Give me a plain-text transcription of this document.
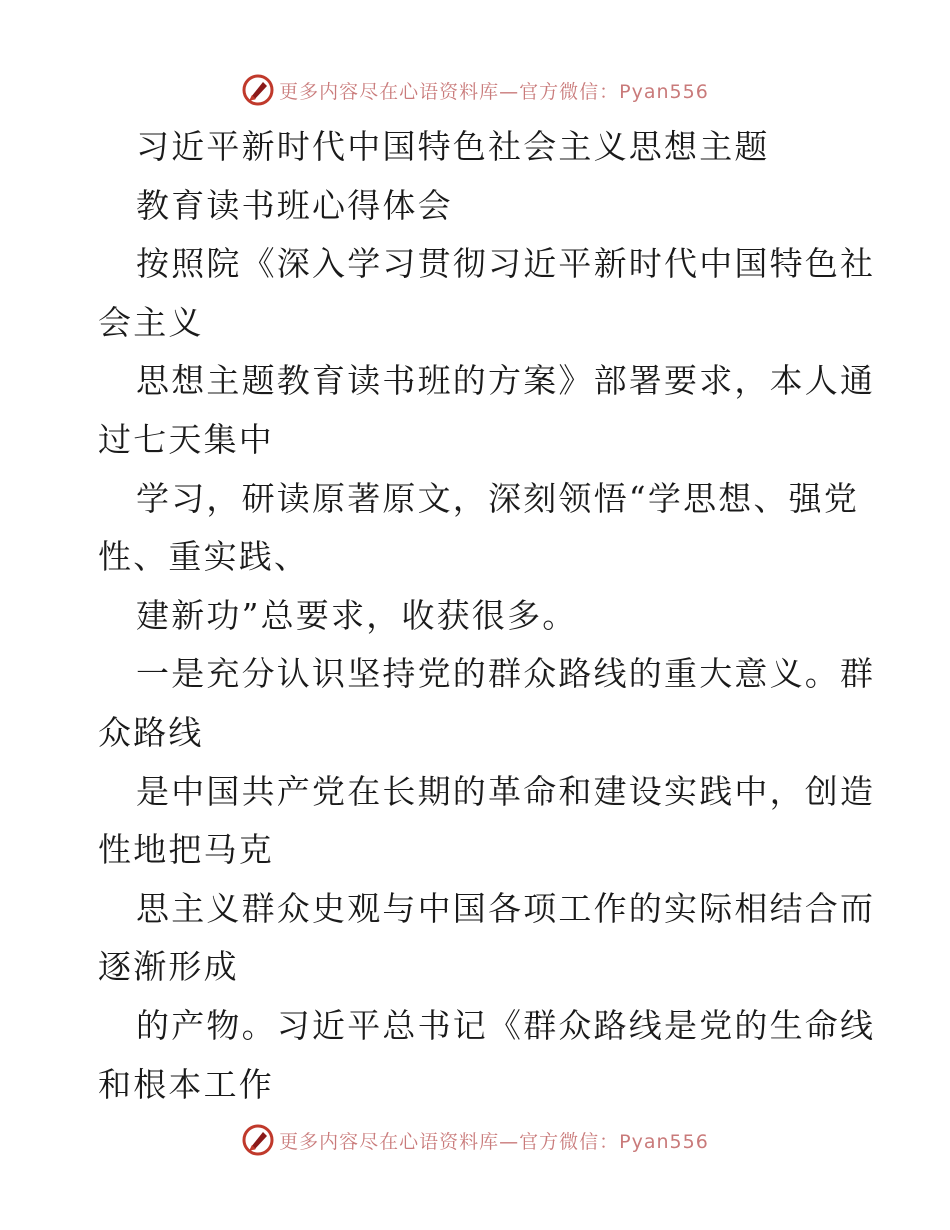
更多内容尽在心语资料库—官方微信：Pyan556
习近平新时代中国特色社会主义思想主题
教育读书班心得体会
按照院《深入学习贯彻习近平新时代中国特色社
会主义
思想主题教育读书班的方案》部署要求，本人通
过七天集中
学习，研读原著原文，深刻领悟“学思想、强党
性、重实践、
建新功”总要求，收获很多。
一是充分认识坚持党的群众路线的重大意义。群
众路线
是中国共产党在长期的革命和建设实践中，创造
性地把马克
思主义群众史观与中国各项工作的实际相结合而
逐渐形成
的产物。习近平总书记《群众路线是党的生命线
和根本工作
更多内容尽在心语资料库—官方微信：Pyan556
